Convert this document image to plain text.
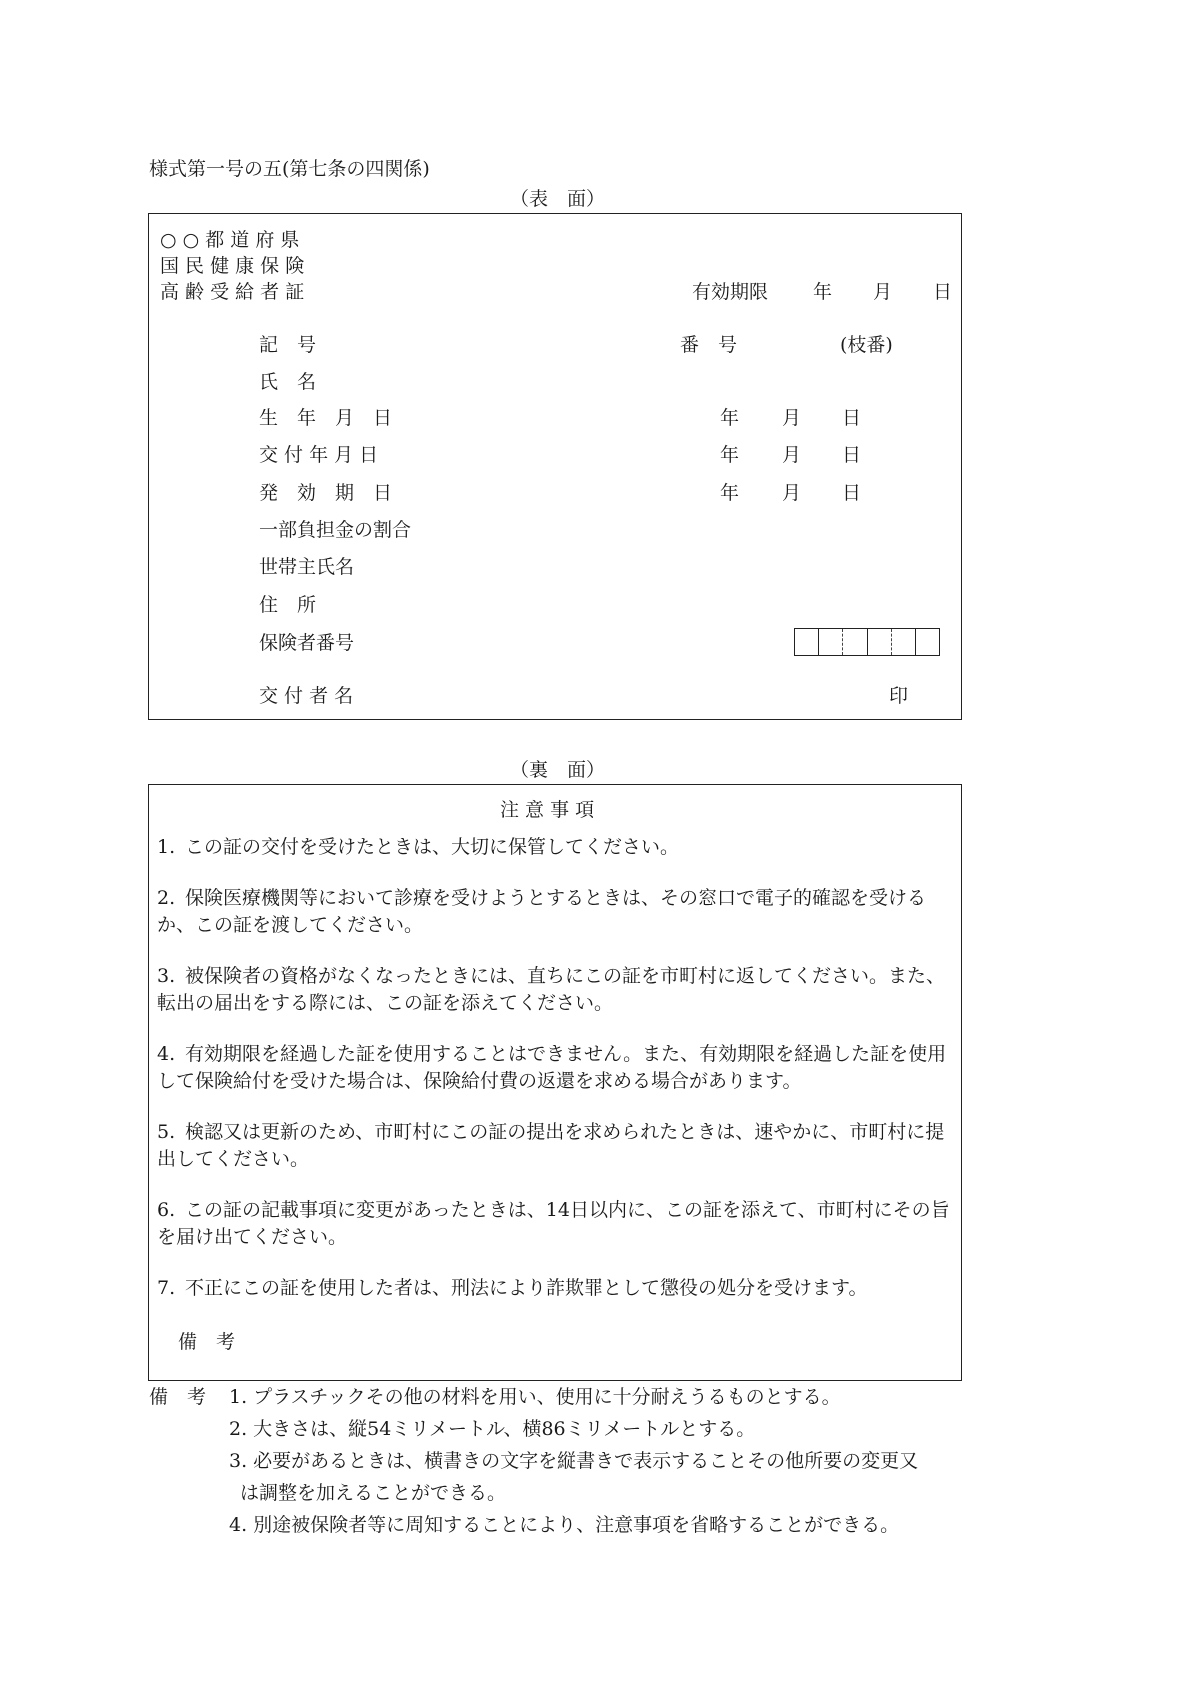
様式第一号の五(第七条の四関係)
（表　面）
○ ○ 都 道 府 県
国 民 健 康 保 険
高 齢 受 給 者 証	有効期限 年 月 日
記　号	番　号	(枝番)
氏　名
生　年　月　日	年 月 日
交 付 年 月 日	年 月 日
発　効　期　日	年 月 日
一部負担金の割合
世帯主氏名
住　所
保険者番号
交 付 者 名	印
（裏　面）
注 意 事 項
1. この証の交付を受けたときは、大切に保管してください。
2. 保険医療機関等において診療を受けようとするときは、その窓口で電子的確認を受けるか、この証を渡してください。
3. 被保険者の資格がなくなったときには、直ちにこの証を市町村に返してください。また、転出の届出をする際には、この証を添えてください。
4. 有効期限を経過した証を使用することはできません。また、有効期限を経過した証を使用して保険給付を受けた場合は、保険給付費の返還を求める場合があります。
5. 検認又は更新のため、市町村にこの証の提出を求められたときは、速やかに、市町村に提出してください。
6. この証の記載事項に変更があったときは、14日以内に、この証を添えて、市町村にその旨を届け出てください。
7. 不正にこの証を使用した者は、刑法により詐欺罪として懲役の処分を受けます。
備　考
備　考 1. プラスチックその他の材料を用い、使用に十分耐えうるものとする。
2. 大きさは、縦54ミリメートル、横86ミリメートルとする。
3. 必要があるときは、横書きの文字を縦書きで表示することその他所要の変更又
は調整を加えることができる。
4. 別途被保険者等に周知することにより、注意事項を省略することができる。
